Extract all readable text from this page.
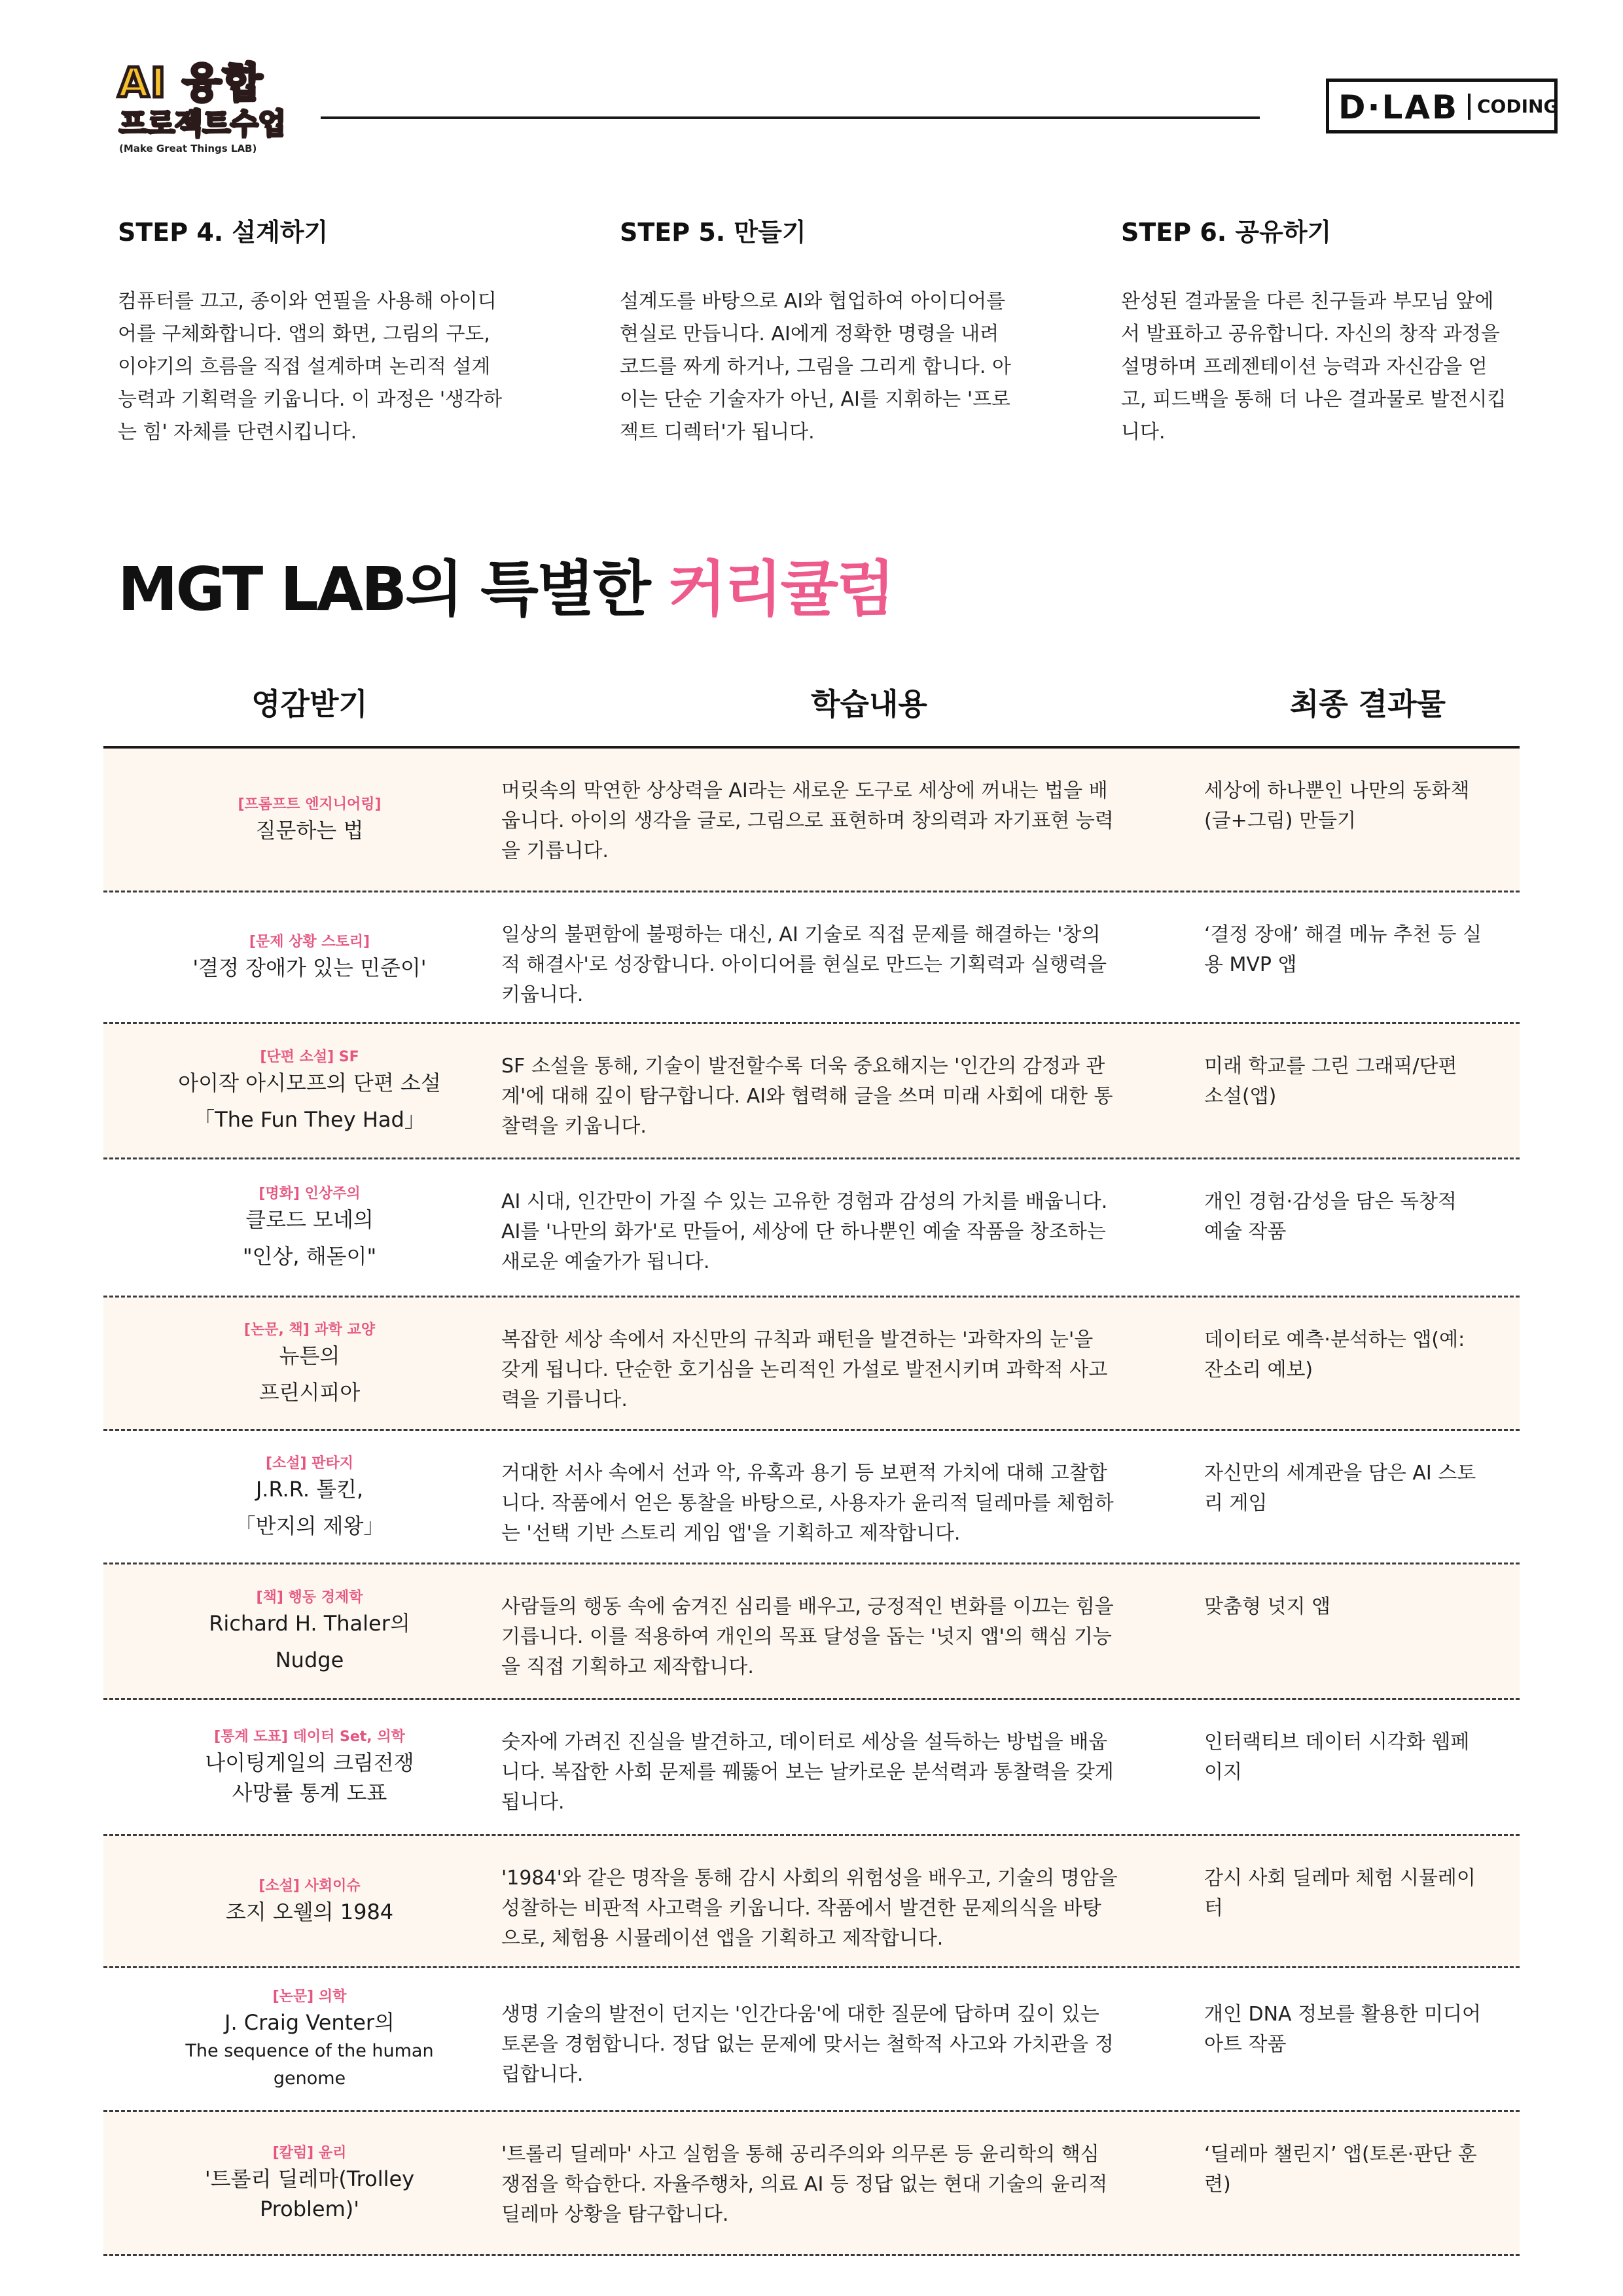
AI 융합
프로젝트수업
(Make Great Things LAB)
D·LAB CODING
STEP 4. 설계하기
컴퓨터를 끄고, 종이와 연필을 사용해 아이디
어를 구체화합니다. 앱의 화면, 그림의 구도,
이야기의 흐름을 직접 설계하며 논리적 설계
능력과 기획력을 키웁니다. 이 과정은 '생각하
는 힘' 자체를 단련시킵니다.
STEP 5. 만들기
설계도를 바탕으로 AI와 협업하여 아이디어를
현실로 만듭니다. AI에게 정확한 명령을 내려
코드를 짜게 하거나, 그림을 그리게 합니다. 아
이는 단순 기술자가 아닌, AI를 지휘하는 '프로
젝트 디렉터'가 됩니다.
STEP 6. 공유하기
완성된 결과물을 다른 친구들과 부모님 앞에
서 발표하고 공유합니다. 자신의 창작 과정을
설명하며 프레젠테이션 능력과 자신감을 얻
고, 피드백을 통해 더 나은 결과물로 발전시킵
니다.
MGT LAB의 특별한 커리큘럼
영감받기	학습내용	최종 결과물
[프롬프트 엔지니어링]
질문하는 법
머릿속의 막연한 상상력을 AI라는 새로운 도구로 세상에 꺼내는 법을 배
웁니다. 아이의 생각을 글로, 그림으로 표현하며 창의력과 자기표현 능력
을 기릅니다.
세상에 하나뿐인 나만의 동화책
(글+그림) 만들기
[문제 상황 스토리]
'결정 장애가 있는 민준이'
일상의 불편함에 불평하는 대신, AI 기술로 직접 문제를 해결하는 '창의
적 해결사'로 성장합니다. 아이디어를 현실로 만드는 기획력과 실행력을
키웁니다.
‘결정 장애’ 해결 메뉴 추천 등 실
용 MVP 앱
[단편 소설] SF
아이작 아시모프의 단편 소설
「The Fun They Had」
SF 소설을 통해, 기술이 발전할수록 더욱 중요해지는 '인간의 감정과 관
계'에 대해 깊이 탐구합니다. AI와 협력해 글을 쓰며 미래 사회에 대한 통
찰력을 키웁니다.
미래 학교를 그린 그래픽/단편
소설(앱)
[명화] 인상주의
클로드 모네의
"인상, 해돋이"
AI 시대, 인간만이 가질 수 있는 고유한 경험과 감성의 가치를 배웁니다.
AI를 '나만의 화가'로 만들어, 세상에 단 하나뿐인 예술 작품을 창조하는
새로운 예술가가 됩니다.
개인 경험·감성을 담은 독창적
예술 작품
[논문, 책] 과학 교양
뉴튼의
프린시피아
복잡한 세상 속에서 자신만의 규칙과 패턴을 발견하는 '과학자의 눈'을
갖게 됩니다. 단순한 호기심을 논리적인 가설로 발전시키며 과학적 사고
력을 기릅니다.
데이터로 예측·분석하는 앱(예:
잔소리 예보)
[소설] 판타지
J.R.R. 톨킨,
「반지의 제왕」
거대한 서사 속에서 선과 악, 유혹과 용기 등 보편적 가치에 대해 고찰합
니다. 작품에서 얻은 통찰을 바탕으로, 사용자가 윤리적 딜레마를 체험하
는 '선택 기반 스토리 게임 앱'을 기획하고 제작합니다.
자신만의 세계관을 담은 AI 스토
리 게임
[책] 행동 경제학
Richard H. Thaler의
Nudge
사람들의 행동 속에 숨겨진 심리를 배우고, 긍정적인 변화를 이끄는 힘을
기릅니다. 이를 적용하여 개인의 목표 달성을 돕는 '넛지 앱'의 핵심 기능
을 직접 기획하고 제작합니다.
맞춤형 넛지 앱
[통계 도표] 데이터 Set, 의학
나이팅게일의 크림전쟁
사망률 통계 도표
숫자에 가려진 진실을 발견하고, 데이터로 세상을 설득하는 방법을 배웁
니다. 복잡한 사회 문제를 꿰뚫어 보는 날카로운 분석력과 통찰력을 갖게
됩니다.
인터랙티브 데이터 시각화 웹페
이지
[소설] 사회이슈
조지 오웰의 1984
'1984'와 같은 명작을 통해 감시 사회의 위험성을 배우고, 기술의 명암을
성찰하는 비판적 사고력을 키웁니다. 작품에서 발견한 문제의식을 바탕
으로, 체험용 시뮬레이션 앱을 기획하고 제작합니다.
감시 사회 딜레마 체험 시뮬레이
터
[논문] 의학
J. Craig Venter의
The sequence of the human
genome
생명 기술의 발전이 던지는 '인간다움'에 대한 질문에 답하며 깊이 있는
토론을 경험합니다. 정답 없는 문제에 맞서는 철학적 사고와 가치관을 정
립합니다.
개인 DNA 정보를 활용한 미디어
아트 작품
[칼럼] 윤리
'트롤리 딜레마(Trolley
Problem)'
'트롤리 딜레마' 사고 실험을 통해 공리주의와 의무론 등 윤리학의 핵심
쟁점을 학습한다. 자율주행차, 의료 AI 등 정답 없는 현대 기술의 윤리적
딜레마 상황을 탐구합니다.
‘딜레마 챌린지’ 앱(토론·판단 훈
련)
